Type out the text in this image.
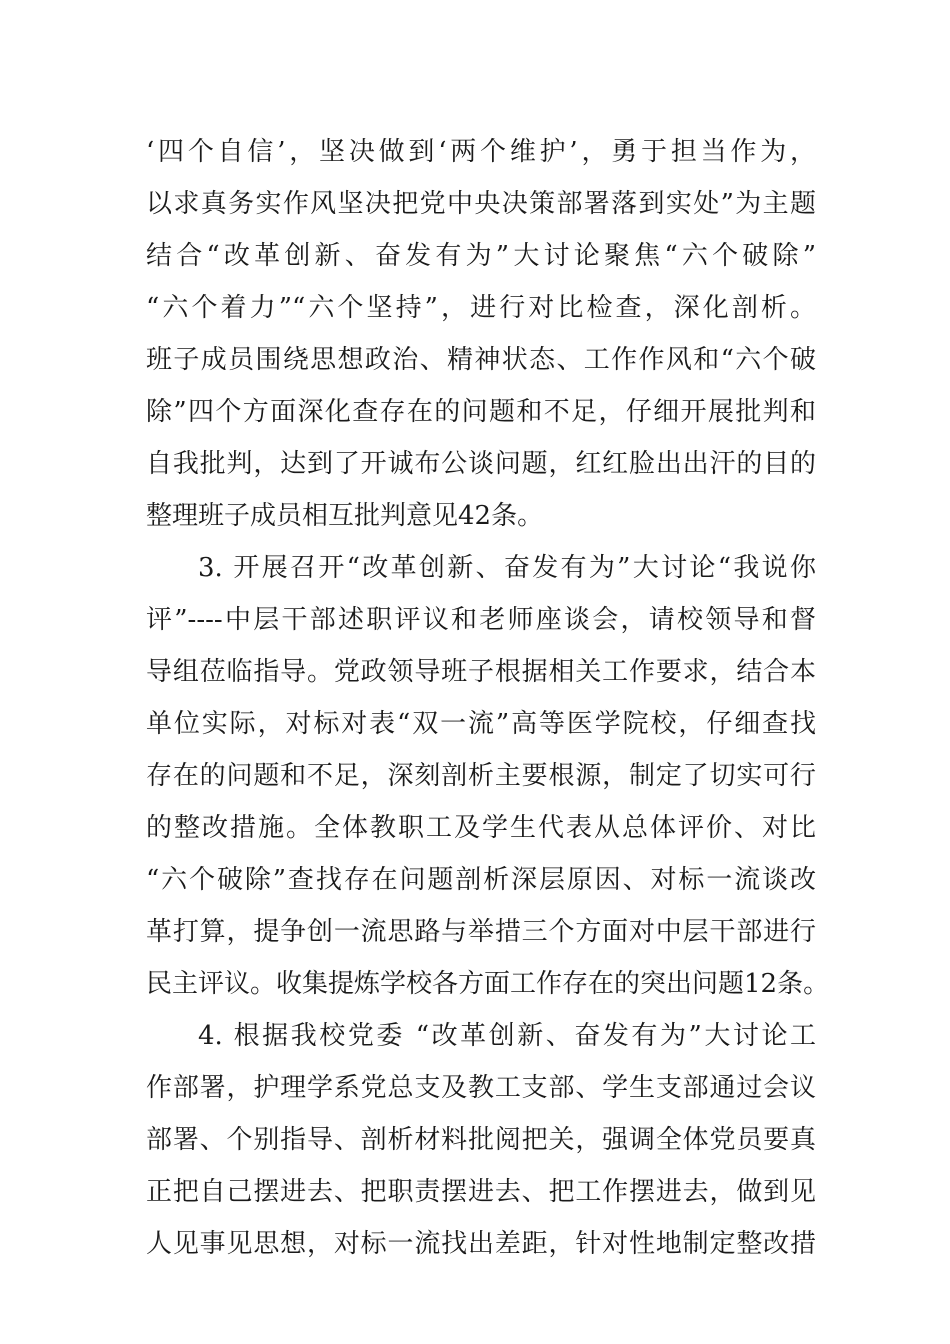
‘四个自信’，坚决做到‘两个维护’，勇于担当作为，
以求真务实作风坚决把党中央决策部署落到实处”为主题
结合“改革创新、奋发有为”大讨论聚焦“六个破除”
“六个着力”“六个坚持”，进行对比检查，深化剖析。
班子成员围绕思想政治、精神状态、工作作风和“六个破
除”四个方面深化查存在的问题和不足，仔细开展批判和
自我批判，达到了开诚布公谈问题，红红脸出出汗的目的
整理班子成员相互批判意见42条。
3. 开展召开“改革创新、奋发有为”大讨论“我说你
评”----中层干部述职评议和老师座谈会，请校领导和督
导组莅临指导。党政领导班子根据相关工作要求，结合本
单位实际，对标对表“双一流”高等医学院校，仔细查找
存在的问题和不足，深刻剖析主要根源，制定了切实可行
的整改措施。全体教职工及学生代表从总体评价、对比
“六个破除”查找存在问题剖析深层原因、对标一流谈改
革打算，提争创一流思路与举措三个方面对中层干部进行
民主评议。收集提炼学校各方面工作存在的突出问题12条。
4. 根据我校党委 “改革创新、奋发有为”大讨论工
作部署，护理学系党总支及教工支部、学生支部通过会议
部署、个别指导、剖析材料批阅把关，强调全体党员要真
正把自己摆进去、把职责摆进去、把工作摆进去，做到见
人见事见思想，对标一流找出差距，针对性地制定整改措
